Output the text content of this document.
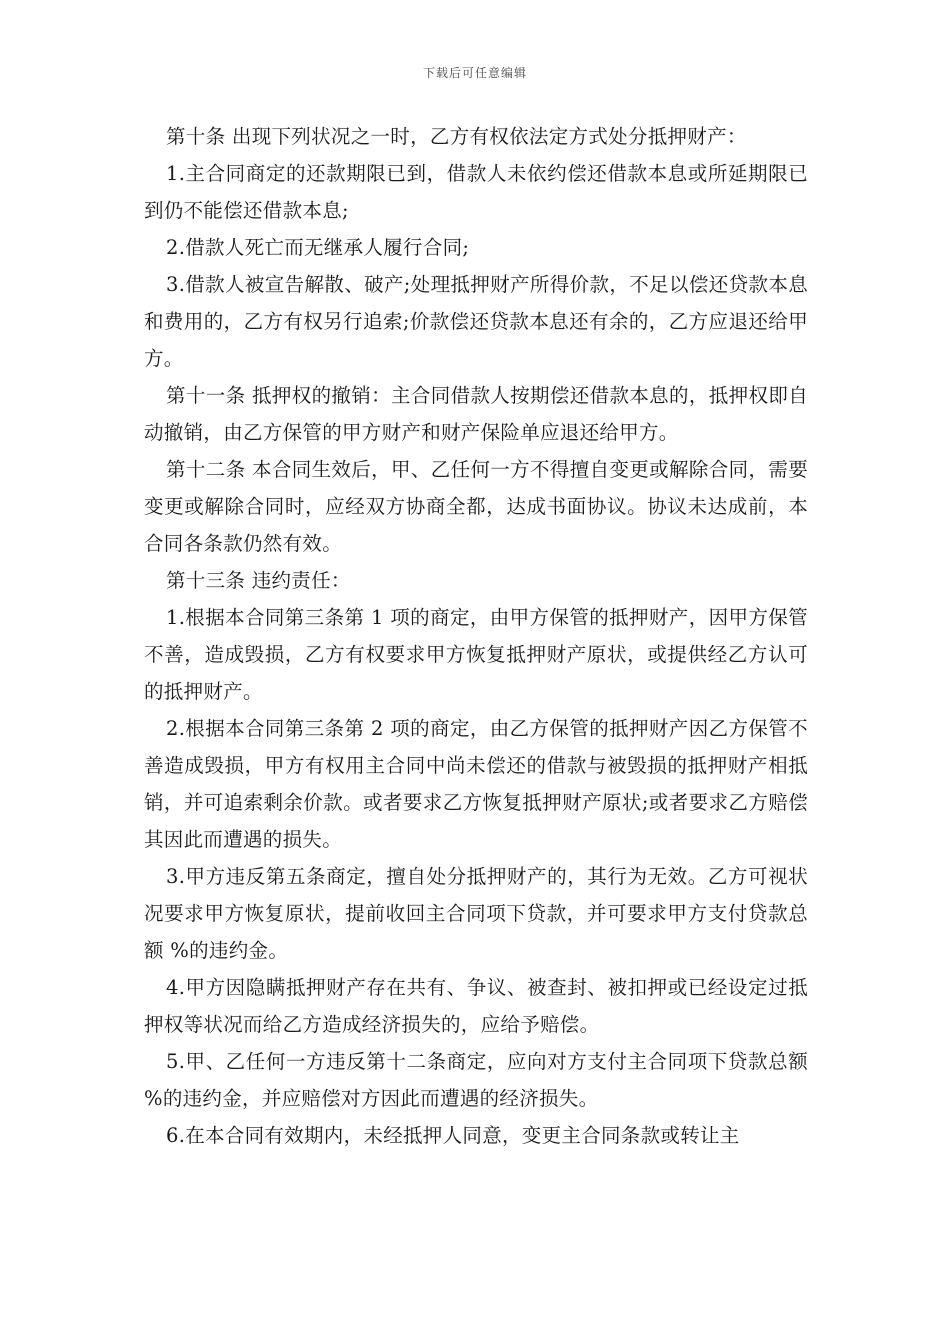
下载后可任意编辑

第十条 出现下列状况之一时，乙方有权依法定方式处分抵押财产：

1.主合同商定的还款期限已到，借款人未依约偿还借款本息或所延期限已到仍不能偿还借款本息;

2.借款人死亡而无继承人履行合同;

3.借款人被宣告解散、破产;处理抵押财产所得价款，不足以偿还贷款本息和费用的，乙方有权另行追索;价款偿还贷款本息还有余的，乙方应退还给甲方。

第十一条 抵押权的撤销：主合同借款人按期偿还借款本息的，抵押权即自动撤销，由乙方保管的甲方财产和财产保险单应退还给甲方。

第十二条 本合同生效后，甲、乙任何一方不得擅自变更或解除合同，需要变更或解除合同时，应经双方协商全都，达成书面协议。协议未达成前，本合同各条款仍然有效。

第十三条 违约责任：

1.根据本合同第三条第 1 项的商定，由甲方保管的抵押财产，因甲方保管不善，造成毁损，乙方有权要求甲方恢复抵押财产原状，或提供经乙方认可的抵押财产。

2.根据本合同第三条第 2 项的商定，由乙方保管的抵押财产因乙方保管不善造成毁损，甲方有权用主合同中尚未偿还的借款与被毁损的抵押财产相抵销，并可追索剩余价款。或者要求乙方恢复抵押财产原状;或者要求乙方赔偿其因此而遭遇的损失。

3.甲方违反第五条商定，擅自处分抵押财产的，其行为无效。乙方可视状况要求甲方恢复原状，提前收回主合同项下贷款，并可要求甲方支付贷款总额 %的违约金。

4.甲方因隐瞒抵押财产存在共有、争议、被查封、被扣押或已经设定过抵押权等状况而给乙方造成经济损失的，应给予赔偿。

5.甲、乙任何一方违反第十二条商定，应向对方支付主合同项下贷款总额 %的违约金，并应赔偿对方因此而遭遇的经济损失。

6.在本合同有效期内，未经抵押人同意，变更主合同条款或转让主
